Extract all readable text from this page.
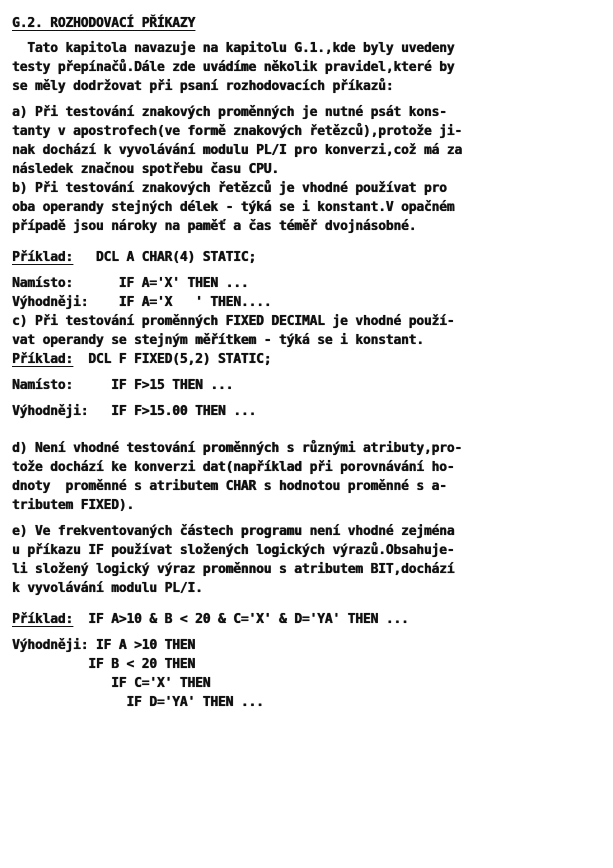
G.2. ROZHODOVACÍ PŘÍKAZY
Tato kapitola navazuje na kapitolu G.1.,kde byly uvedeny
testy přepínačů.Dále zde uvádíme několik pravidel,které by
se měly dodržovat při psaní rozhodovacích příkazů:
a) Při testování znakových proměnných je nutné psát kons-
tanty v apostrofech(ve formě znakových řetězců),protože ji-
nak dochází k vyvolávání modulu PL/I pro konverzi,což má za
následek značnou spotřebu času CPU.
b) Při testování znakových řetězců je vhodné používat pro
oba operandy stejných délek - týká se i konstant.V opačném
případě jsou nároky na paměť a čas téměř dvojnásobné.
Příklad:   DCL A CHAR(4) STATIC;
Namísto:      IF A='X' THEN ...
Výhodněji:    IF A='X   ' THEN....
c) Při testování proměnných FIXED DECIMAL je vhodné použí-
vat operandy se stejným měřítkem - týká se i konstant.
Příklad:  DCL F FIXED(5,2) STATIC;
Namísto:     IF F>15 THEN ...
Výhodněji:   IF F>15.00 THEN ...
d) Není vhodné testování proměnných s různými atributy,pro-
tože dochází ke konverzi dat(například při porovnávání ho-
dnoty  proměnné s atributem CHAR s hodnotou proměnné s a-
tributem FIXED).
e) Ve frekventovaných částech programu není vhodné zejména
u příkazu IF používat složených logických výrazů.Obsahuje-
li složený logický výraz proměnnou s atributem BIT,dochází
k vyvolávání modulu PL/I.
Příklad:  IF A>10 & B < 20 & C='X' & D='YA' THEN ...
Výhodněji: IF A >10 THEN
IF B < 20 THEN
IF C='X' THEN
IF D='YA' THEN ...
